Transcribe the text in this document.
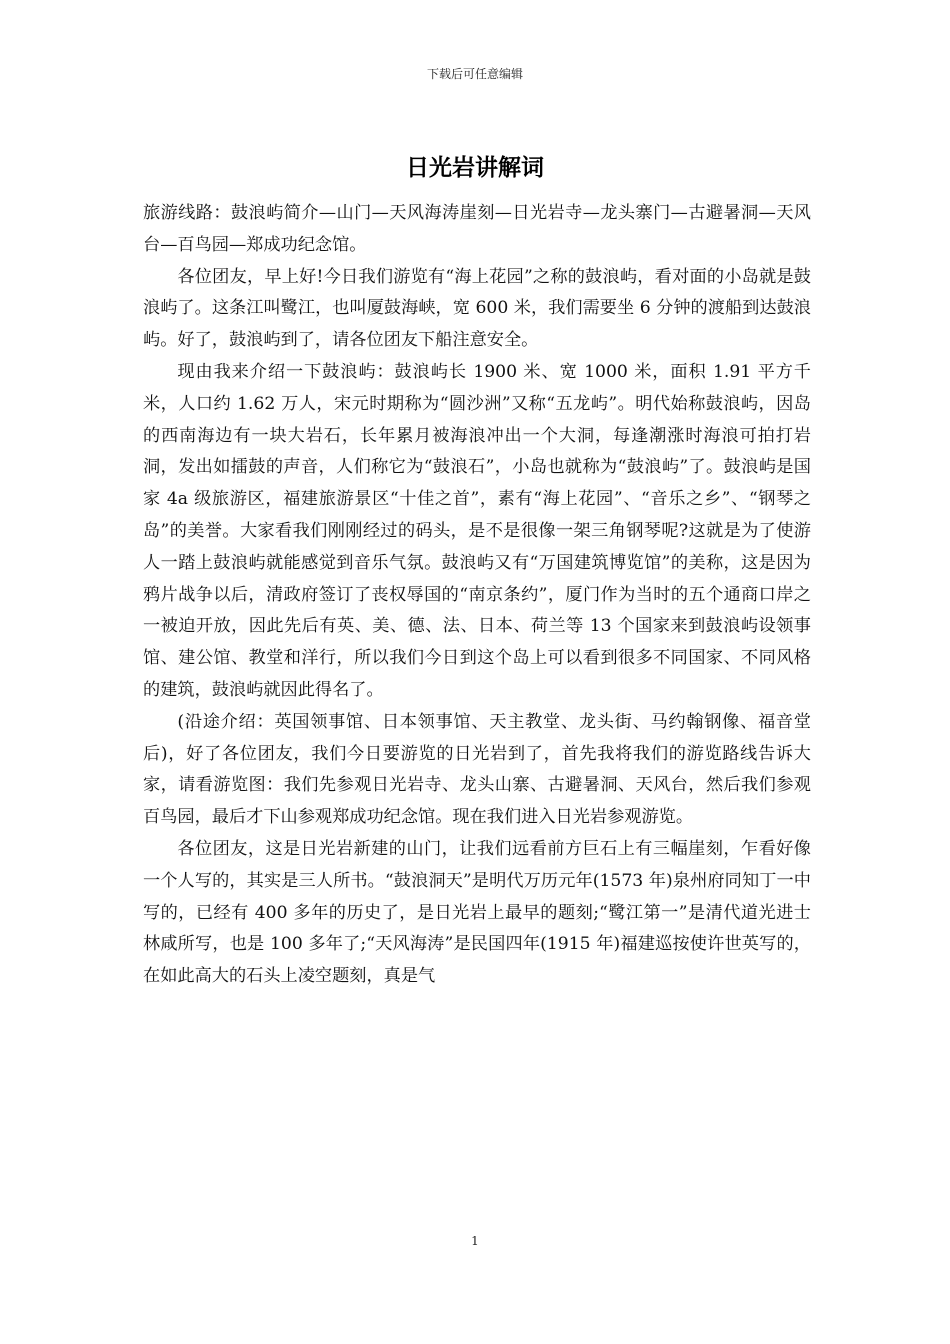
下载后可任意编辑
日光岩讲解词

旅游线路：鼓浪屿简介—山门—天风海涛崖刻—日光岩寺—龙头寨门—古避暑洞—天风台—百鸟园—郑成功纪念馆。

各位团友，早上好!今日我们游览有“海上花园”之称的鼓浪屿，看对面的小岛就是鼓浪屿了。这条江叫鹭江，也叫厦鼓海峡，宽 600 米，我们需要坐 6 分钟的渡船到达鼓浪屿。好了，鼓浪屿到了，请各位团友下船注意安全。

现由我来介绍一下鼓浪屿：鼓浪屿长 1900 米、宽 1000 米，面积 1.91 平方千米，人口约 1.62 万人，宋元时期称为“圆沙洲”又称“五龙屿”。明代始称鼓浪屿，因岛的西南海边有一块大岩石，长年累月被海浪冲出一个大洞，每逢潮涨时海浪可拍打岩洞，发出如擂鼓的声音，人们称它为“鼓浪石”，小岛也就称为“鼓浪屿”了。鼓浪屿是国家 4a 级旅游区，福建旅游景区“十佳之首”，素有“海上花园”、“音乐之乡”、“钢琴之岛”的美誉。大家看我们刚刚经过的码头，是不是很像一架三角钢琴呢?这就是为了使游人一踏上鼓浪屿就能感觉到音乐气氛。鼓浪屿又有“万国建筑博览馆”的美称，这是因为鸦片战争以后，清政府签订了丧权辱国的“南京条约”，厦门作为当时的五个通商口岸之一被迫开放，因此先后有英、美、德、法、日本、荷兰等 13 个国家来到鼓浪屿设领事馆、建公馆、教堂和洋行，所以我们今日到这个岛上可以看到很多不同国家、不同风格的建筑，鼓浪屿就因此得名了。

(沿途介绍：英国领事馆、日本领事馆、天主教堂、龙头街、马约翰钢像、福音堂后)，好了各位团友，我们今日要游览的日光岩到了，首先我将我们的游览路线告诉大家，请看游览图：我们先参观日光岩寺、龙头山寨、古避暑洞、天风台，然后我们参观百鸟园，最后才下山参观郑成功纪念馆。现在我们进入日光岩参观游览。

各位团友，这是日光岩新建的山门，让我们远看前方巨石上有三幅崖刻，乍看好像一个人写的，其实是三人所书。“鼓浪洞天”是明代万历元年(1573 年)泉州府同知丁一中写的，已经有 400 多年的历史了，是日光岩上最早的题刻;“鹭江第一”是清代道光进士林咸所写，也是 100 多年了;“天风海涛”是民国四年(1915 年)福建巡按使许世英写的，在如此高大的石头上凌空题刻，真是气

1
